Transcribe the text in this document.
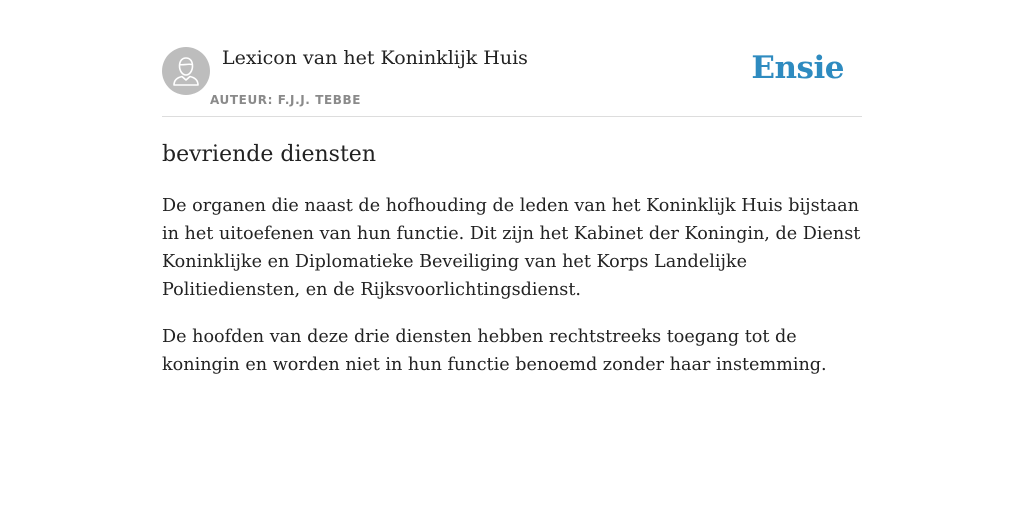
Lexicon van het Koninklijk Huis
AUTEUR: F.J.J. TEBBE
Ensie
bevriende diensten

De organen die naast de hofhouding de leden van het Koninklijk Huis bijstaan in het uitoefenen van hun functie. Dit zijn het Kabinet der Koningin, de Dienst Koninklijke en Diplomatieke Beveiliging van het Korps Landelijke Politiediensten, en de Rijksvoorlichtingsdienst.

De hoofden van deze drie diensten hebben rechtstreeks toegang tot de koningin en worden niet in hun functie benoemd zonder haar instemming.
